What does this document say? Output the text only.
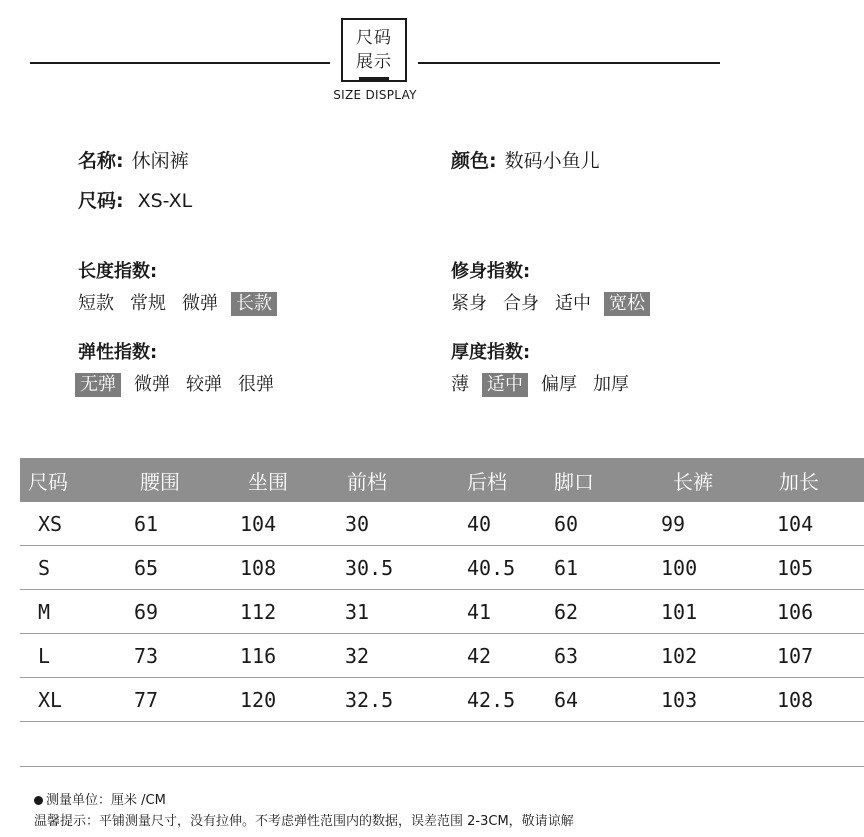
尺码
展示
SIZE DISPLAY
名称: 休闲裤	颜色: 数码小鱼儿
尺码: XS-XL
长度指数:
短款 常规 微弹 长款
修身指数:
紧身 合身 适中 宽松
弹性指数:
无弹 微弹 较弹 很弹
厚度指数:
薄 适中 偏厚 加厚
尺码	腰围	坐围	前档	后档	脚口	长裤	加长
XS	61	104	30	40	60	99	104
S	65	108	30.5	40.5	61	100	105
M	69	112	31	41	62	101	106
L	73	116	32	42	63	102	107
XL	77	120	32.5	42.5	64	103	108

测量单位：厘米 /CM
温馨提示：平铺测量尺寸，没有拉伸。不考虑弹性范围内的数据，误差范围 2-3CM，敬请谅解
